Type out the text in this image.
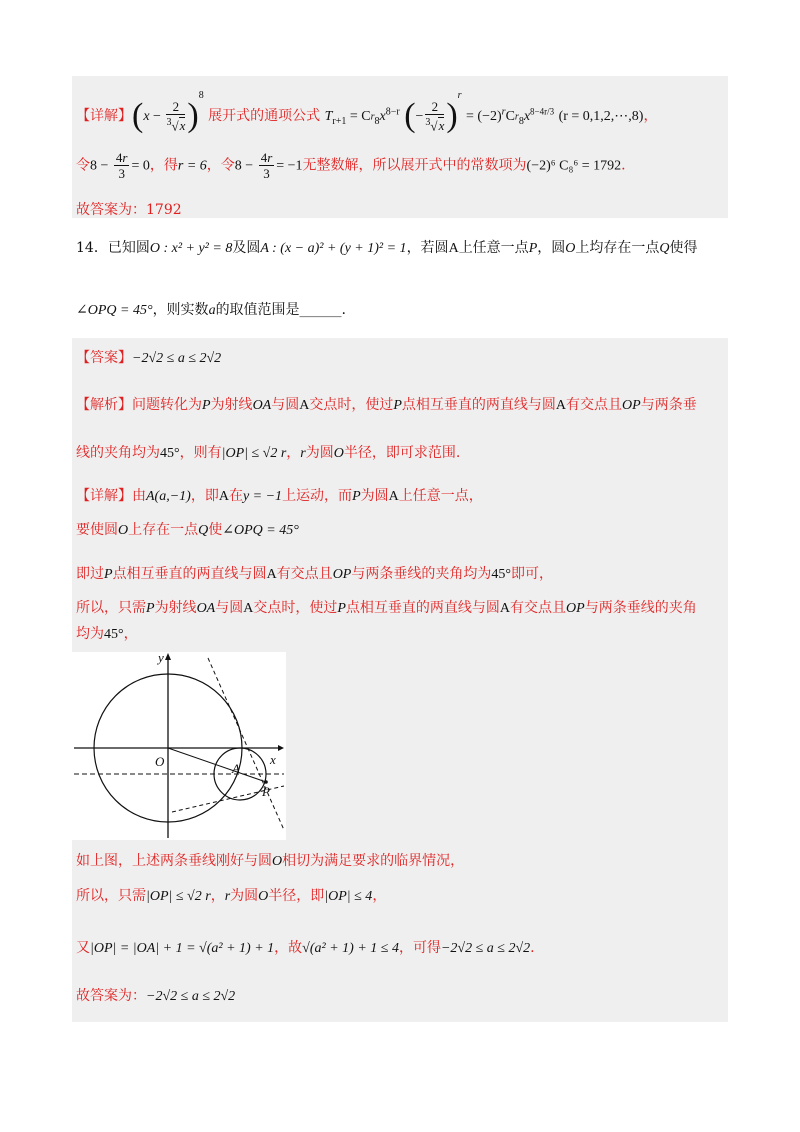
【详解】$(x - \frac{2}{^3√x} )^8$ 展开式的通项公式 $T_{r+1} = C_{^r8}x^{8-r}$ (− $\frac{2}{^3√x} )^r = (-2)^rC_{^r8}x^{8-4r/3}$ (r = 0,1,2,⋯,8)，
令$8 - \frac{4r}{3} = 0$，得r = 6，令$8 - \frac{4r}{3} = -1$无整数解，所以展开式中的常数项为(−2)⁶ C₈⁶ = 1792.
故答案为：1792
14．已知圆O : x² + y² = 8及圆A : (x − a)² + (y + 1)² = 1，若圆A上任意一点P，圆O上均存在一点Q使得
∠OPQ = 45°，则实数a的取值范围是______.
【答案】−2√2 ≤ a ≤ 2√2
【解析】问题转化为P为射线OA与圆A交点时，使过P点相互垂直的两直线与圆A有交点且OP与两条垂
线的夹角均为45°，则有|OP| ≤ √2 r，r为圆O半径，即可求范围.
【详解】由A(a,−1)，即A在y = −1上运动，而P为圆A上任意一点，
要使圆O上存在一点Q使∠OPQ = 45°
即过P点相互垂直的两直线与圆A有交点且OP与两条垂线的夹角均为45°即可，
所以，只需P为射线OA与圆A交点时，使过P点相互垂直的两直线与圆A有交点且OP与两条垂线的夹角
均为45°，
y
x
O	A
P
如上图，上述两条垂线刚好与圆O相切为满足要求的临界情况，
所以，只需|OP| ≤ √2 r，r为圆O半径，即|OP| ≤ 4，
又|OP| = |OA| + 1 = √(a² + 1) + 1，故√(a² + 1) + 1 ≤ 4，可得−2√2 ≤ a ≤ 2√2.
故答案为：−2√2 ≤ a ≤ 2√2
